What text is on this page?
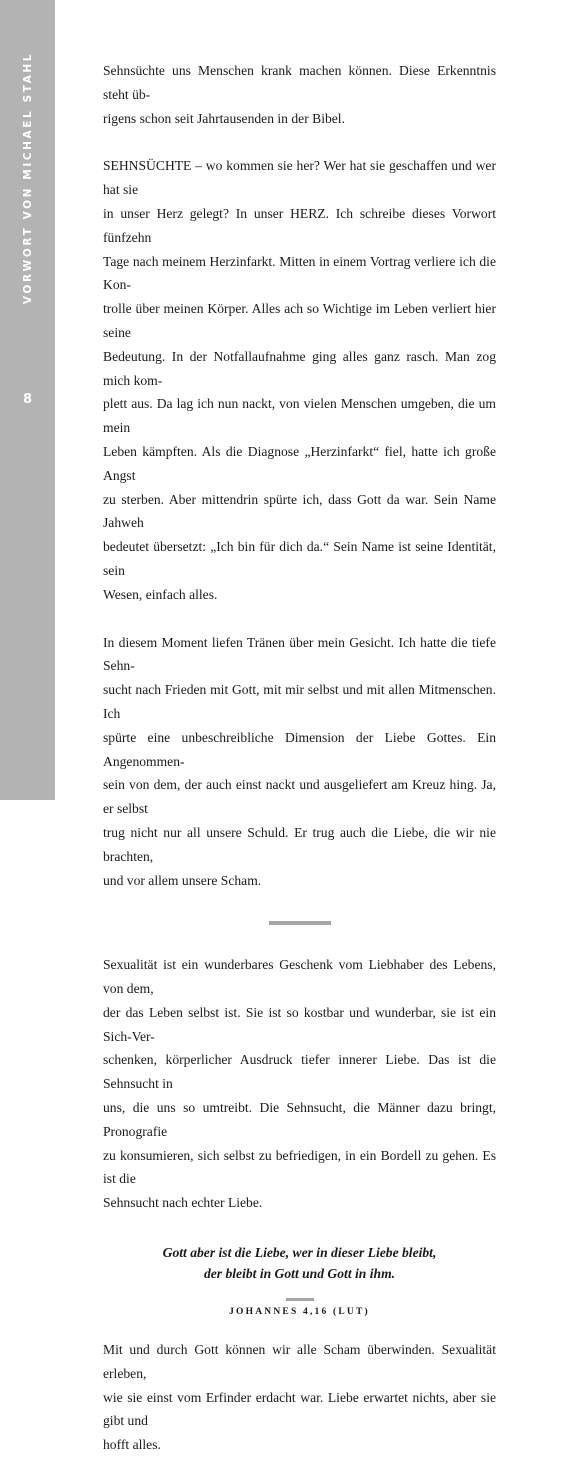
VORWORT VON MICHAEL STAHL
8

Sehnsüchte uns Menschen krank machen können. Diese Erkenntnis steht üb-
rigens schon seit Jahrtausenden in der Bibel.

SEHNSÜCHTE – wo kommen sie her? Wer hat sie geschaffen und wer hat sie
in unser Herz gelegt? In unser HERZ. Ich schreibe dieses Vorwort fünfzehn
Tage nach meinem Herzinfarkt. Mitten in einem Vortrag verliere ich die Kon-
trolle über meinen Körper. Alles ach so Wichtige im Leben verliert hier seine
Bedeutung. In der Notfallaufnahme ging alles ganz rasch. Man zog mich kom-
plett aus. Da lag ich nun nackt, von vielen Menschen umgeben, die um mein
Leben kämpften. Als die Diagnose „Herzinfarkt“ fiel, hatte ich große Angst
zu sterben. Aber mittendrin spürte ich, dass Gott da war. Sein Name Jahweh
bedeutet übersetzt: „Ich bin für dich da.“ Sein Name ist seine Identität, sein
Wesen, einfach alles.

In diesem Moment liefen Tränen über mein Gesicht. Ich hatte die tiefe Sehn-
sucht nach Frieden mit Gott, mit mir selbst und mit allen Mitmenschen. Ich
spürte eine unbeschreibliche Dimension der Liebe Gottes. Ein Angenommen-
sein von dem, der auch einst nackt und ausgeliefert am Kreuz hing. Ja, er selbst
trug nicht nur all unsere Schuld. Er trug auch die Liebe, die wir nie brachten,
und vor allem unsere Scham.

Sexualität ist ein wunderbares Geschenk vom Liebhaber des Lebens, von dem,
der das Leben selbst ist. Sie ist so kostbar und wunderbar, sie ist ein Sich-Ver-
schenken, körperlicher Ausdruck tiefer innerer Liebe. Das ist die Sehnsucht in
uns, die uns so umtreibt. Die Sehnsucht, die Männer dazu bringt, Pronografie
zu konsumieren, sich selbst zu befriedigen, in ein Bordell zu gehen. Es ist die
Sehnsucht nach echter Liebe.

Gott aber ist die Liebe, wer in dieser Liebe bleibt,
der bleibt in Gott und Gott in ihm.

JOHANNES 4,16 (LUT)

Mit und durch Gott können wir alle Scham überwinden. Sexualität erleben,
wie sie einst vom Erfinder erdacht war. Liebe erwartet nichts, aber sie gibt und
hofft alles.
